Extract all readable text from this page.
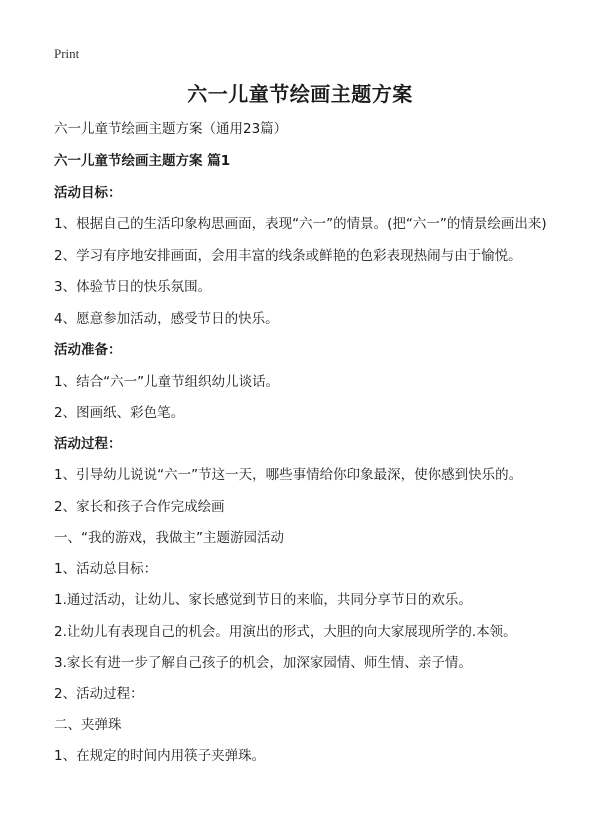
Print
六一儿童节绘画主题方案
六一儿童节绘画主题方案（通用23篇）
六一儿童节绘画主题方案 篇1
活动目标：
1、根据自己的生活印象构思画面，表现“六一”的情景。(把“六一”的情景绘画出来)
2、学习有序地安排画面，会用丰富的线条或鲜艳的色彩表现热闹与由于愉悦。
3、体验节日的快乐氛围。
4、愿意参加活动，感受节日的快乐。
活动准备：
1、结合“六一”儿童节组织幼儿谈话。
2、图画纸、彩色笔。
活动过程：
1、引导幼儿说说“六一”节这一天，哪些事情给你印象最深，使你感到快乐的。
2、家长和孩子合作完成绘画
一、“我的游戏，我做主”主题游园活动
1、活动总目标：
1.通过活动，让幼儿、家长感觉到节日的来临，共同分享节日的欢乐。
2.让幼儿有表现自己的机会。用演出的形式，大胆的向大家展现所学的.本领。
3.家长有进一步了解自己孩子的机会，加深家园情、师生情、亲子情。
2、活动过程：
二、夹弹珠
1、在规定的时间内用筷子夹弹珠。
